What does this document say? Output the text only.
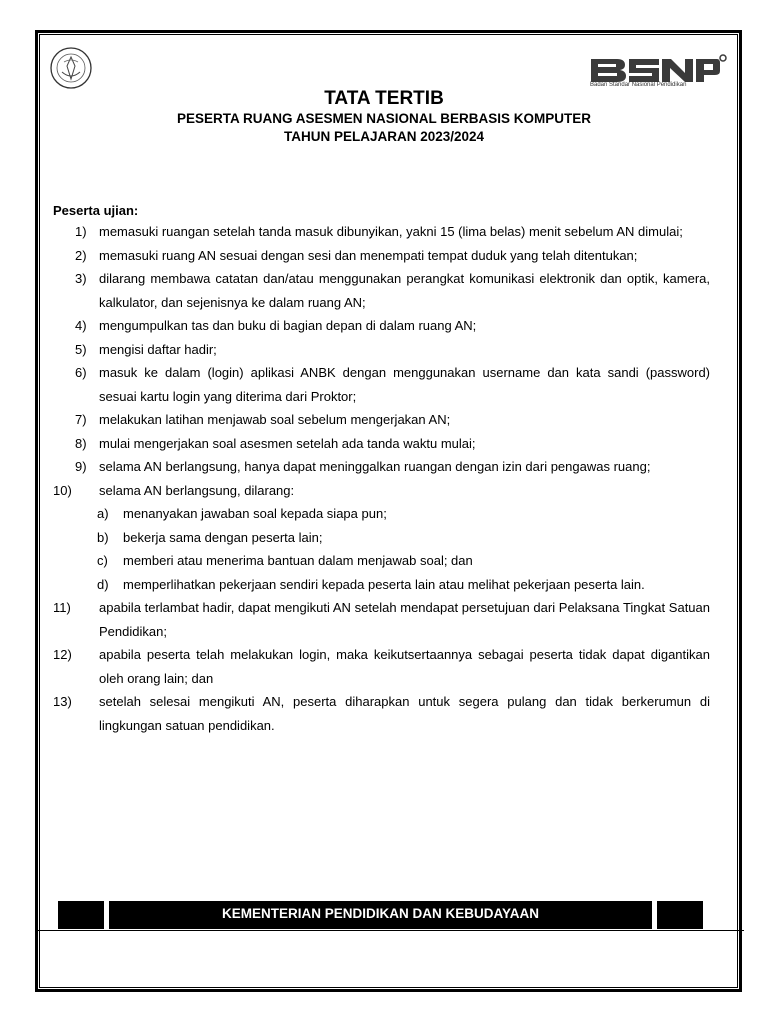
Badan Standar Nasional Pendidikan
TATA TERTIB
PESERTA RUANG ASESMEN NASIONAL BERBASIS KOMPUTER
TAHUN PELAJARAN 2023/2024
Peserta ujian:
1) memasuki ruangan setelah tanda masuk dibunyikan, yakni 15 (lima belas) menit sebelum AN dimulai;
2) memasuki ruang AN sesuai dengan sesi dan menempati tempat duduk yang telah ditentukan;
3) dilarang membawa catatan dan/atau menggunakan perangkat komunikasi elektronik dan optik, kamera, kalkulator, dan sejenisnya ke dalam ruang AN;
4) mengumpulkan tas dan buku di bagian depan di dalam ruang AN;
5) mengisi daftar hadir;
6) masuk ke dalam (login) aplikasi ANBK dengan menggunakan username dan kata sandi (password) sesuai kartu login yang diterima dari Proktor;
7) melakukan latihan menjawab soal sebelum mengerjakan AN;
8) mulai mengerjakan soal asesmen setelah ada tanda waktu mulai;
9) selama AN berlangsung, hanya dapat meninggalkan ruangan dengan izin dari pengawas ruang;
10) selama AN berlangsung, dilarang:
a) menanyakan jawaban soal kepada siapa pun;
b) bekerja sama dengan peserta lain;
c) memberi atau menerima bantuan dalam menjawab soal; dan
d) memperlihatkan pekerjaan sendiri kepada peserta lain atau melihat pekerjaan peserta lain.
11) apabila terlambat hadir, dapat mengikuti AN setelah mendapat persetujuan dari Pelaksana Tingkat Satuan Pendidikan;
12) apabila peserta telah melakukan login, maka keikutsertaannya sebagai peserta tidak dapat digantikan oleh orang lain; dan
13) setelah selesai mengikuti AN, peserta diharapkan untuk segera pulang dan tidak berkerumun di lingkungan satuan pendidikan.
KEMENTERIAN PENDIDIKAN DAN KEBUDAYAAN
